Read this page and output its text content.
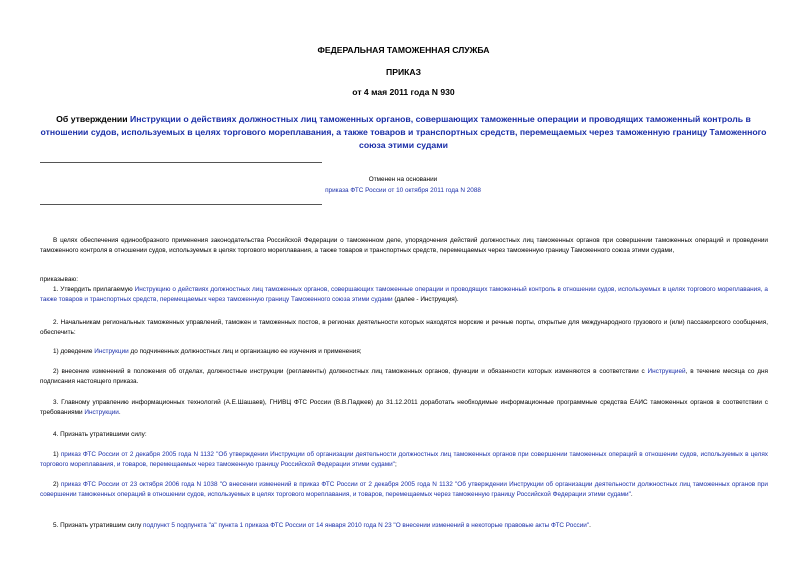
ФЕДЕРАЛЬНАЯ ТАМОЖЕННАЯ СЛУЖБА
ПРИКАЗ
от 4 мая 2011 года N 930
Об утверждении Инструкции о действиях должностных лиц таможенных органов, совершающих таможенные операции и проводящих таможенный контроль в отношении судов, используемых в целях торгового мореплавания, а также товаров и транспортных средств, перемещаемых через таможенную границу Таможенного союза этими судами
Отменен на основании
приказа ФТС России от 10 октября 2011 года N 2088
В целях обеспечения единообразного применения законодательства Российской Федерации о таможенном деле, упорядочения действий должностных лиц таможенных органов при совершении таможенных операций и проведении таможенного контроля в отношении судов, используемых в целях торгового мореплавания, а также товаров и транспортных средств, перемещаемых через таможенную границу Таможенного союза этими судами,
приказываю:
1. Утвердить прилагаемую Инструкцию о действиях должностных лиц таможенных органов, совершающих таможенные операции и проводящих таможенный контроль в отношении судов, используемых в целях торгового мореплавания, а также товаров и транспортных средств, перемещаемых через таможенную границу Таможенного союза этими судами (далее - Инструкция).
2. Начальникам региональных таможенных управлений, таможен и таможенных постов, в регионах деятельности которых находятся морские и речные порты, открытые для международного грузового и (или) пассажирского сообщения, обеспечить:
1) доведение Инструкции до подчиненных должностных лиц и организацию ее изучения и применения;
2) внесение изменений в положения об отделах, должностные инструкции (регламенты) должностных лиц таможенных органов, функции и обязанности которых изменяются в соответствии с Инструкцией, в течение месяца со дня подписания настоящего приказа.
3. Главному управлению информационных технологий (А.Е.Шашаев), ГНИВЦ ФТС России (В.В.Паджев) до 31.12.2011 доработать необходимые информационные программные средства ЕАИС таможенных органов в соответствии с требованиями Инструкции.
4. Признать утратившими силу:
1) приказ ФТС России от 2 декабря 2005 года N 1132 "Об утверждении Инструкции об организации деятельности должностных лиц таможенных органов при совершении таможенных операций в отношении судов, используемых в целях торгового мореплавания, и товаров, перемещаемых через таможенную границу Российской Федерации этими судами";
2) приказ ФТС России от 23 октября 2006 года N 1038 "О внесении изменений в приказ ФТС России от 2 декабря 2005 года N 1132 "Об утверждении Инструкции об организации деятельности должностных лиц таможенных органов при совершении таможенных операций в отношении судов, используемых в целях торгового мореплавания, и товаров, перемещаемых через таможенную границу Российской Федерации этими судами".
5. Признать утратившим силу подпункт 5 подпункта "а" пункта 1 приказа ФТС России от 14 января 2010 года N 23 "О внесении изменений в некоторые правовые акты ФТС России".
